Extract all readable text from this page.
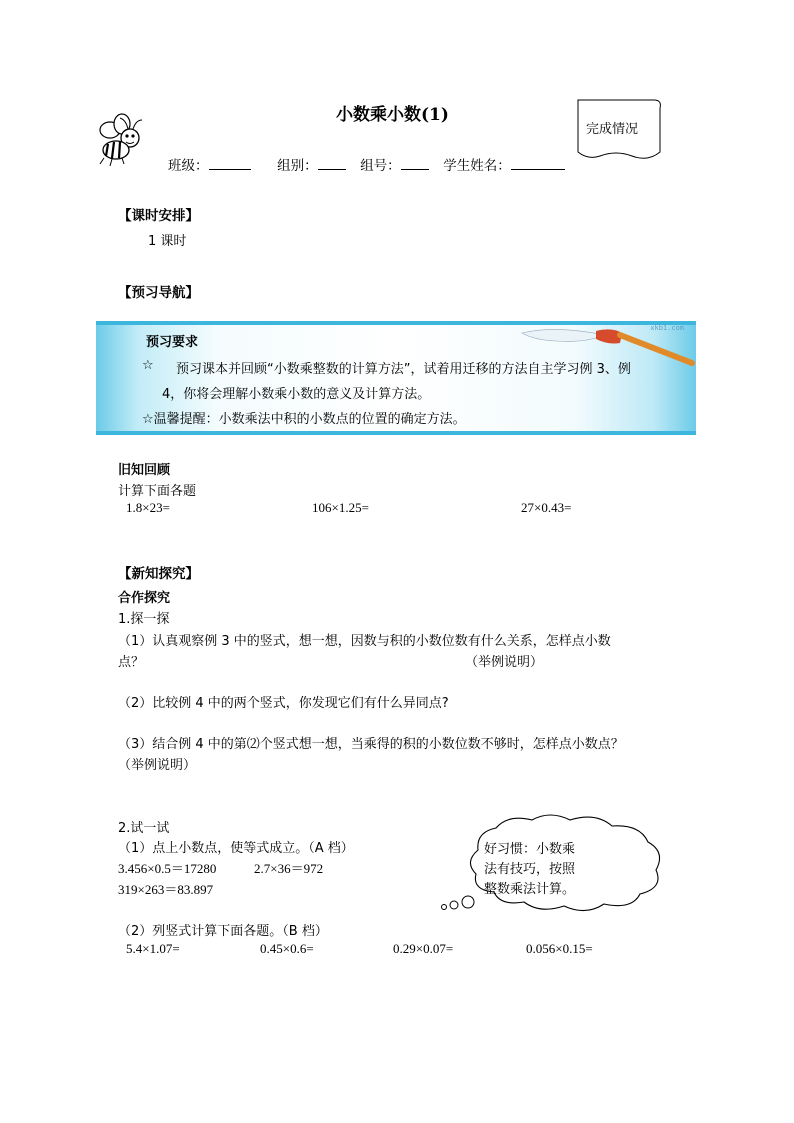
小数乘小数(1)
完成情况
班级：	组别：	组号：	学生姓名：
【课时安排】
1 课时
【预习导航】
xkb1.com
预习要求
☆ 预习课本并回顾“小数乘整数的计算方法”，试着用迁移的方法自主学习例 3、例
4，你将会理解小数乘小数的意义及计算方法。
☆温馨提醒：小数乘法中积的小数点的位置的确定方法。
旧知回顾
计算下面各题
1.8×23=	106×1.25=	27×0.43=
【新知探究】
合作探究
1.探一探
（1）认真观察例 3 中的竖式，想一想，因数与积的小数位数有什么关系，怎样点小数
点？	（举例说明）
（2）比较例 4 中的两个竖式，你发现它们有什么异同点?
（3）结合例 4 中的第⑵个竖式想一想，当乘得的积的小数位数不够时，怎样点小数点？
（举例说明）
2.试一试
（1）点上小数点，使等式成立。（A 档）
3.456×0.5＝17280	2.7×36＝972
319×263＝83.897
好习惯：小数乘
法有技巧，按照
整数乘法计算。
（2）列竖式计算下面各题。（B 档）
5.4×1.07=	0.45×0.6=	0.29×0.07=	0.056×0.15=
